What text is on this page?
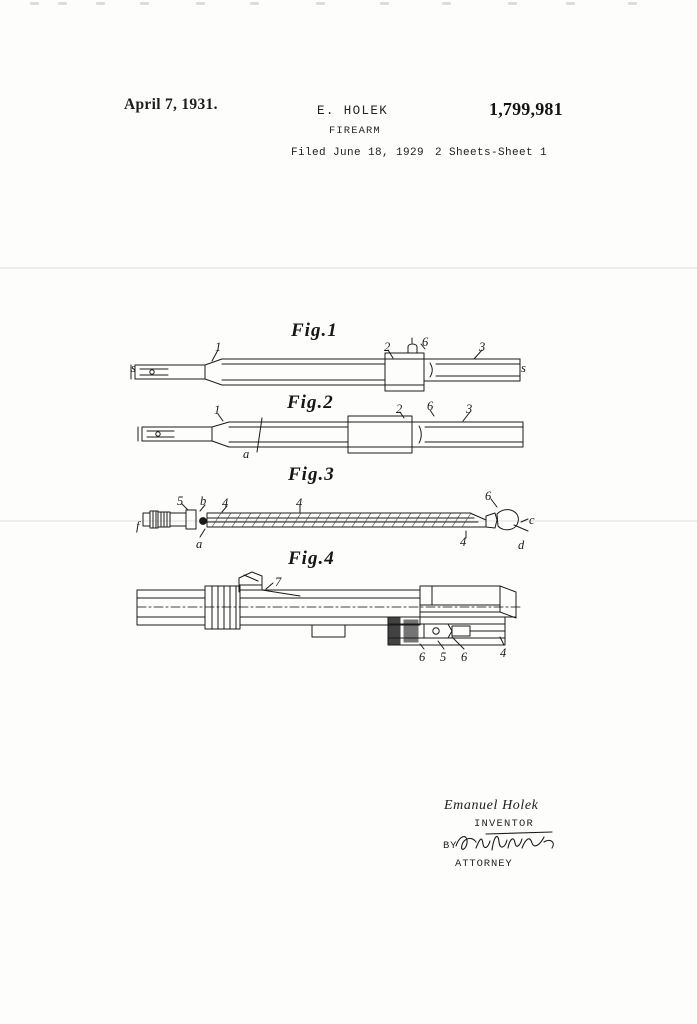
April 7, 1931.	E. HOLEK	1,799,981
FIREARM
Filed June 18, 1929 2 Sheets-Sheet 1
Fig.1
Fig.2
Fig.3
Fig.4
s
1	2	6	3
s
1
a
2 6	3
f
5 b 4
a
4
4
6
c
d
7
6 5 6	4
Emanuel Holek
INVENTOR
BY
ATTORNEY
